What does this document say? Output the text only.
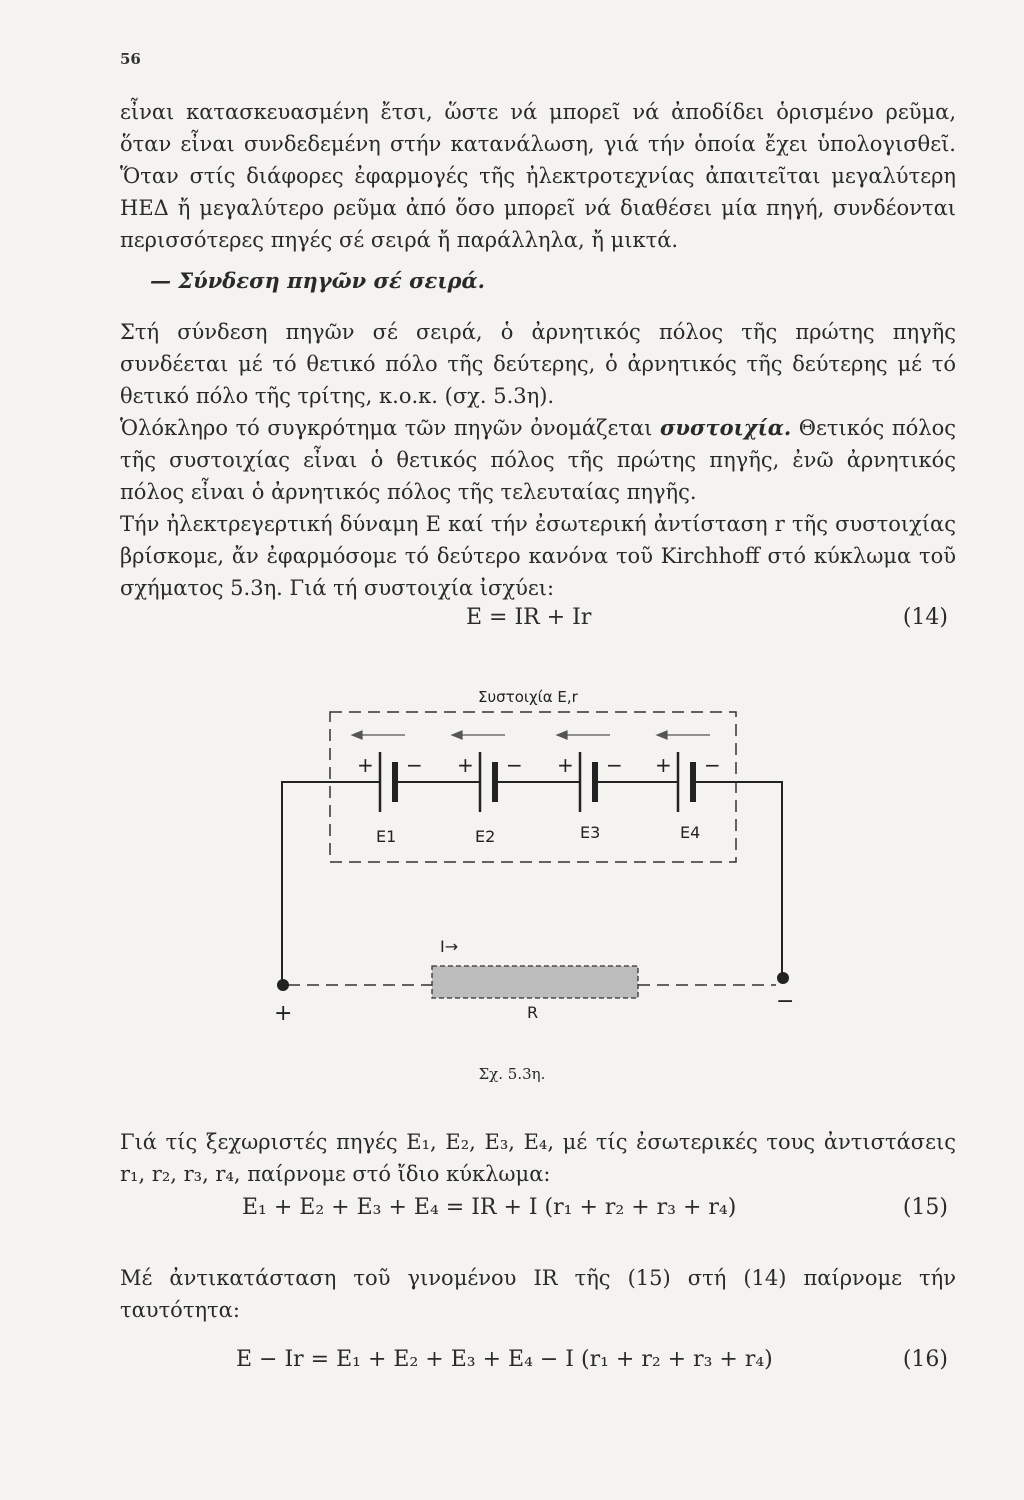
56

εἶναι κατασκευασμένη ἔτσι, ὥστε νά μπορεῖ νά ἀποδίδει ὁρισμένο ρεῦμα, ὅταν εἶναι συνδεδεμένη στήν κατανάλωση, γιά τήν ὁποία ἔχει ὑπολογισθεῖ. Ὅταν στίς διάφορες ἐφαρμογές τῆς ἠλεκτροτεχνίας ἀπαιτεῖται μεγαλύτερη ΗΕΔ ἤ μεγαλύτερο ρεῦμα ἀπό ὅσο μπορεῖ νά διαθέσει μία πηγή, συνδέονται περισσότερες πηγές σέ σειρά ἤ παράλληλα, ἤ μικτά.

— Σύνδεση πηγῶν σέ σειρά.

Στή σύνδεση πηγῶν σέ σειρά, ὁ ἀρνητικός πόλος τῆς πρώτης πηγῆς συνδέεται μέ τό θετικό πόλο τῆς δεύτερης, ὁ ἀρνητικός τῆς δεύτερης μέ τό θετικό πόλο τῆς τρίτης, κ.ο.κ. (σχ. 5.3η).

Ὁλόκληρο τό συγκρότημα τῶν πηγῶν ὀνομάζεται συστοιχία. Θετικός πόλος τῆς συστοιχίας εἶναι ὁ θετικός πόλος τῆς πρώτης πηγῆς, ἐνῶ ἀρνητικός πόλος εἶναι ὁ ἀρνητικός πόλος τῆς τελευταίας πηγῆς.

Τήν ἠλεκτρεγερτική δύναμη Ε καί τήν ἐσωτερική ἀντίσταση r τῆς συστοιχίας βρίσκομε, ἄν ἐφαρμόσομε τό δεύτερο κανόνα τοῦ Kirchhoff στό κύκλωμα τοῦ σχήματος 5.3η. Γιά τή συστοιχία ἰσχύει:

E = IR + Ir	(14)
Συστοιχία E,r
+ − + − + − + −
E1	E2	E3	E4
I→
R
+	−
Σχ. 5.3η.

Γιά τίς ξεχωριστές πηγές Ε₁, Ε₂, Ε₃, Ε₄, μέ τίς ἐσωτερικές τους ἀντιστάσεις r₁, r₂, r₃, r₄, παίρνομε στό ἴδιο κύκλωμα:

E₁ + E₂ + E₃ + E₄ = IR + I (r₁ + r₂ + r₃ + r₄)	(15)

Μέ ἀντικατάσταση τοῦ γινομένου IR τῆς (15) στή (14) παίρνομε τήν ταυτότητα:

E − Ir = E₁ + E₂ + E₃ + E₄ − I (r₁ + r₂ + r₃ + r₄)	(16)
